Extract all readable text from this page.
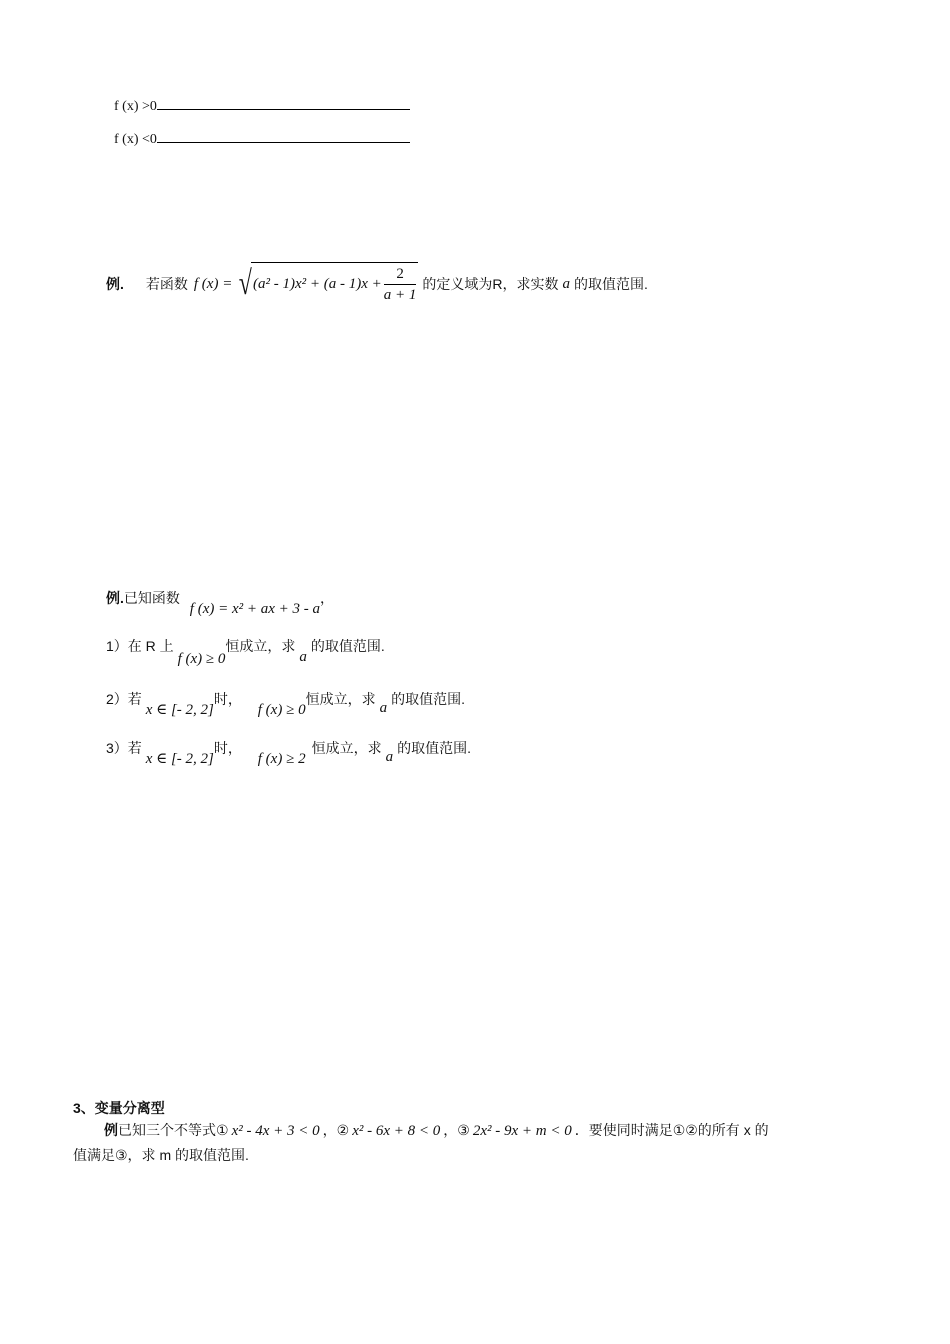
f (x) >0
f (x) <0
例. 若函数 f (x) = √ $(a^2 - 1)x^2 + (a - 1)x + \frac{2}{a + 1}$ 的定义域为R，求实数 a 的取值范围.
例.已知函数 f (x) = x² + ax + 3 - a，
1）在 R 上 f (x) ≥ 0恒成立，求a的取值范围.
2）若 x ∈ [- 2, 2]时， f (x) ≥ 0恒成立，求a的取值范围.
3）若 x ∈ [- 2, 2]时， f (x) ≥ 2恒成立，求a的取值范围.
3、变量分离型
例已知三个不等式① x² - 4x + 3 < 0 ，② x² - 6x + 8 < 0 ，③ 2x² - 9x + m < 0 ．要使同时满足①②的所有 x 的
值满足③，求 m 的取值范围.
